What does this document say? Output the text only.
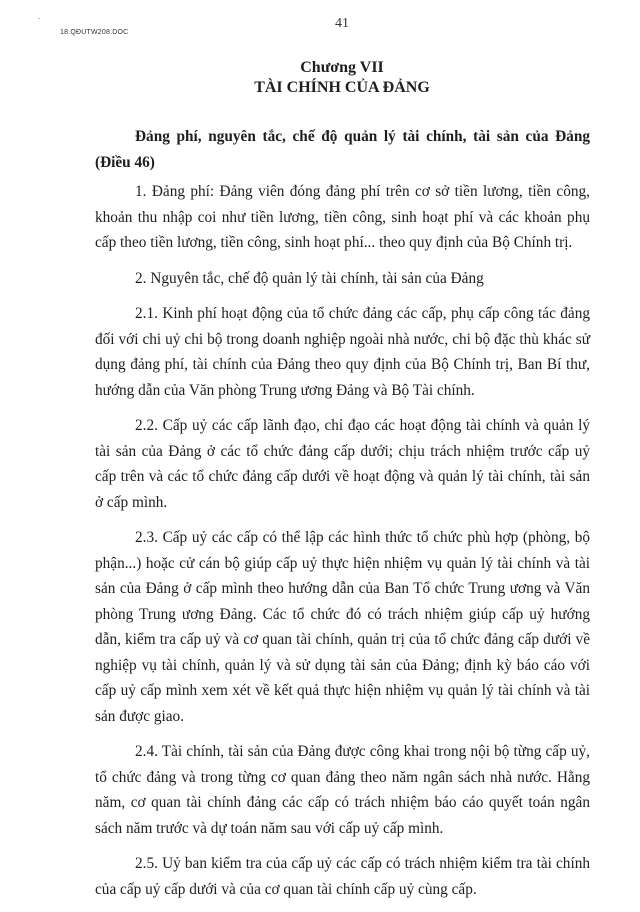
-
18.QĐUTW208.DOC
41
Chương VII
TÀI CHÍNH CỦA ĐẢNG
Đảng phí, nguyên tắc, chế độ quản lý tài chính, tài sản của Đảng
(Điều 46)
1. Đảng phí: Đảng viên đóng đảng phí trên cơ sở tiền lương, tiền công,
khoản thu nhập coi như tiền lương, tiền công, sinh hoạt phí và các khoản phụ
cấp theo tiền lương, tiền công, sinh hoạt phí... theo quy định của Bộ Chính trị.
2. Nguyên tắc, chế độ quản lý tài chính, tài sản của Đảng
2.1. Kinh phí hoạt động của tổ chức đảng các cấp, phụ cấp công tác đảng
đối với chi uỷ chi bộ trong doanh nghiệp ngoài nhà nước, chi bộ đặc thù khác sử
dụng đảng phí, tài chính của Đảng theo quy định của Bộ Chính trị, Ban Bí thư,
hướng dẫn của Văn phòng Trung ương Đảng và Bộ Tài chính.
2.2. Cấp uỷ các cấp lãnh đạo, chỉ đạo các hoạt động tài chính và quản lý
tài sản của Đảng ở các tổ chức đảng cấp dưới; chịu trách nhiệm trước cấp uỷ
cấp trên và các tổ chức đảng cấp dưới về hoạt động và quản lý tài chính, tài sản
ở cấp mình.
2.3. Cấp uỷ các cấp có thể lập các hình thức tổ chức phù hợp (phòng, bộ
phận...) hoặc cử cán bộ giúp cấp uỷ thực hiện nhiệm vụ quản lý tài chính và tài
sản của Đảng ở cấp mình theo hướng dẫn của Ban Tổ chức Trung ương và Văn
phòng Trung ương Đảng. Các tổ chức đó có trách nhiệm giúp cấp uỷ hướng
dẫn, kiểm tra cấp uỷ và cơ quan tài chính, quản trị của tổ chức đảng cấp dưới về
nghiệp vụ tài chính, quản lý và sử dụng tài sản của Đảng; định kỳ báo cáo với
cấp uỷ cấp mình xem xét về kết quả thực hiện nhiệm vụ quản lý tài chính và tài
sản được giao.
2.4. Tài chính, tài sản của Đảng được công khai trong nội bộ từng cấp uỷ,
tổ chức đảng và trong từng cơ quan đảng theo năm ngân sách nhà nước. Hằng
năm, cơ quan tài chính đảng các cấp có trách nhiệm báo cáo quyết toán ngân
sách năm trước và dự toán năm sau với cấp uỷ cấp mình.
2.5. Uỷ ban kiểm tra của cấp uỷ các cấp có trách nhiệm kiểm tra tài chính
của cấp uỷ cấp dưới và của cơ quan tài chính cấp uỷ cùng cấp.
